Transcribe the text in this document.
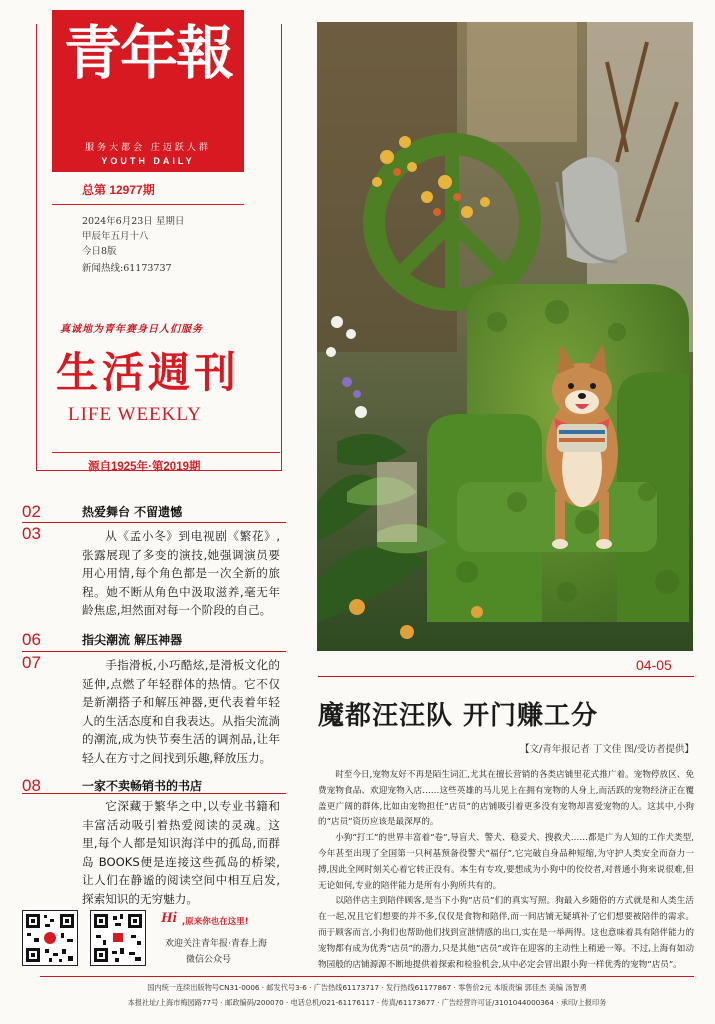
青年報
服务大都会 庄迈跃人群
YOUTH DAILY
总第 12977期
2024年6月23日 星期日
甲辰年五月十八
今日8版
新闻热线:61173737
真诚地为青年赛身日人们服务
生活週刊
LIFE WEEKLY
源自1925年·第2019期
02
03
热爱舞台 不留遗憾
从《孟小冬》到电视剧《繁花》,张露展现了多变的演技,她强调演员要用心用情,每个角色都是一次全新的旅程。她不断从角色中汲取滋养,毫无年龄焦虑,坦然面对每一个阶段的自己。
06
07
指尖潮流 解压神器
手指滑板,小巧酷炫,是滑板文化的延伸,点燃了年轻群体的热情。它不仅是新潮搭子和解压神器,更代表着年轻人的生活态度和自我表达。从指尖流淌的潮流,成为快节奏生活的调剂品,让年轻人在方寸之间找到乐趣,释放压力。
08	一家不卖畅销书的书店
它深藏于繁华之中,以专业书籍和丰富活动吸引着热爱阅读的灵魂。这里,每个人都是知识海洋中的孤岛,而群岛 BOOKS便是连接这些孤岛的桥梁,让人们在静谧的阅读空间中相互启发,探索知识的无穷魅力。
Hi ,原来你也在这里!
欢迎关注青年报·青春上海
微信公众号
04-05
魔都汪汪队 开门赚工分
【文/青年报记者 丁文佳 图/受访者提供】

时至今日,宠物友好不再是陌生词汇,尤其在擅长营销的各类店铺里花式推广着。宠物停放区、免费宠物食品、欢迎宠物入店……这些英雄的马儿见上在拥有宠物的人身上,而活跃的宠物经济正在覆盖更广阔的群体,比如由宠物担任“店员”的店铺吸引着更多没有宠物却喜爱宠物的人。这其中,小狗的“店员”资历应该是最深厚的。

小狗“打工”的世界丰富着“卷”,导盲犬、警犬、稳妥犬、搜救犬……都是广为人知的工作犬类型,今年甚至出现了全国第一只柯基预备役警犬“福仔”,它完破自身品种短缩,为守护人类安全而奋力一搏,因此全网时刻关心着它转正没有。本生有专攻,要想成为小狗中的佼佼者,对普通小狗来说很难,但无论如何,专业的陪伴能力是所有小狗所共有的。

以陪伴店主到陪伴顾客,是当下小狗“店员”们的真实写照。狗最入乡随俗的方式就是和人类生活在一起,况且它们想要的并不多,仅仅是食物和陪伴,而一间店铺无疑填补了它们想要被陪伴的需求。而于顾客而言,小狗们也帮助他们找到宣泄情感的出口,实在是一举两得。这也意味着具有陪伴能力的宠物都有成为优秀“店员”的潜力,只是其他“店员”或许在迎客的主动性上稍逊一筹。不过,上海有如动物园般的店铺源源不断地提供着探索和检验机会,从中必定会冒出跟小狗一样优秀的宠物“店员”。

国内统一连续出版物号CN31-0006 · 邮发代号3-6 · 广告热线61173717 · 发行热线61177867 · 零售价2元 本版责编 郭佳杰 美编 汤智勇
本报社址/上海市梅园路77号 · 邮政编码/200070 · 电话总机/021-61176117 · 传真/61173677 · 广告经营许可证/3101044000364 · 承印/上报印务
